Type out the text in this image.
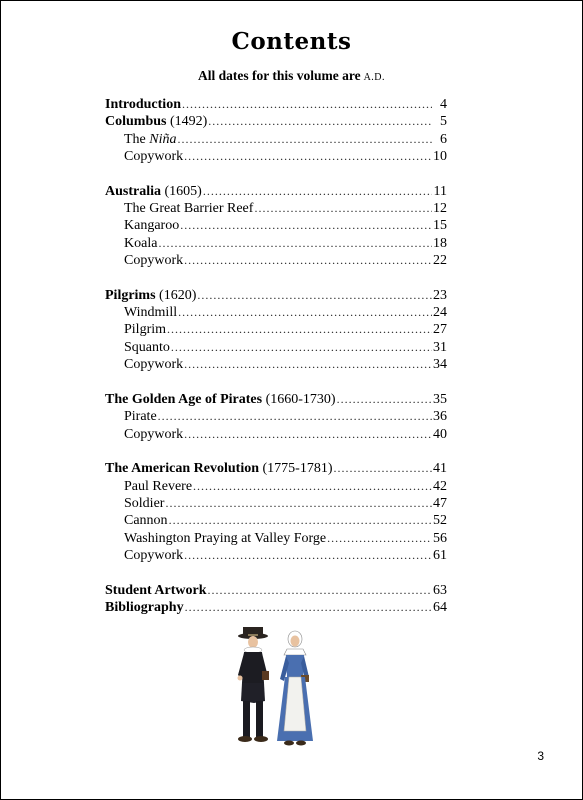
Contents
All dates for this volume are A.D.
Introduction .....	4
Columbus (1492) .....	5
The Niña .....	6
Copywork .....	10
Australia (1605) .....	11
The Great Barrier Reef .....	12
Kangaroo .....	15
Koala .....	18
Copywork .....	22
Pilgrims (1620) .....	23
Windmill .....	24
Pilgrim .....	27
Squanto .....	31
Copywork .....	34
The Golden Age of Pirates (1660-1730) .....	35
Pirate .....	36
Copywork .....	40
The American Revolution (1775-1781) .....	41
Paul Revere .....	42
Soldier .....	47
Cannon .....	52
Washington Praying at Valley Forge .....	56
Copywork .....	61
Student Artwork .....	63
Bibliography .....	64
3
